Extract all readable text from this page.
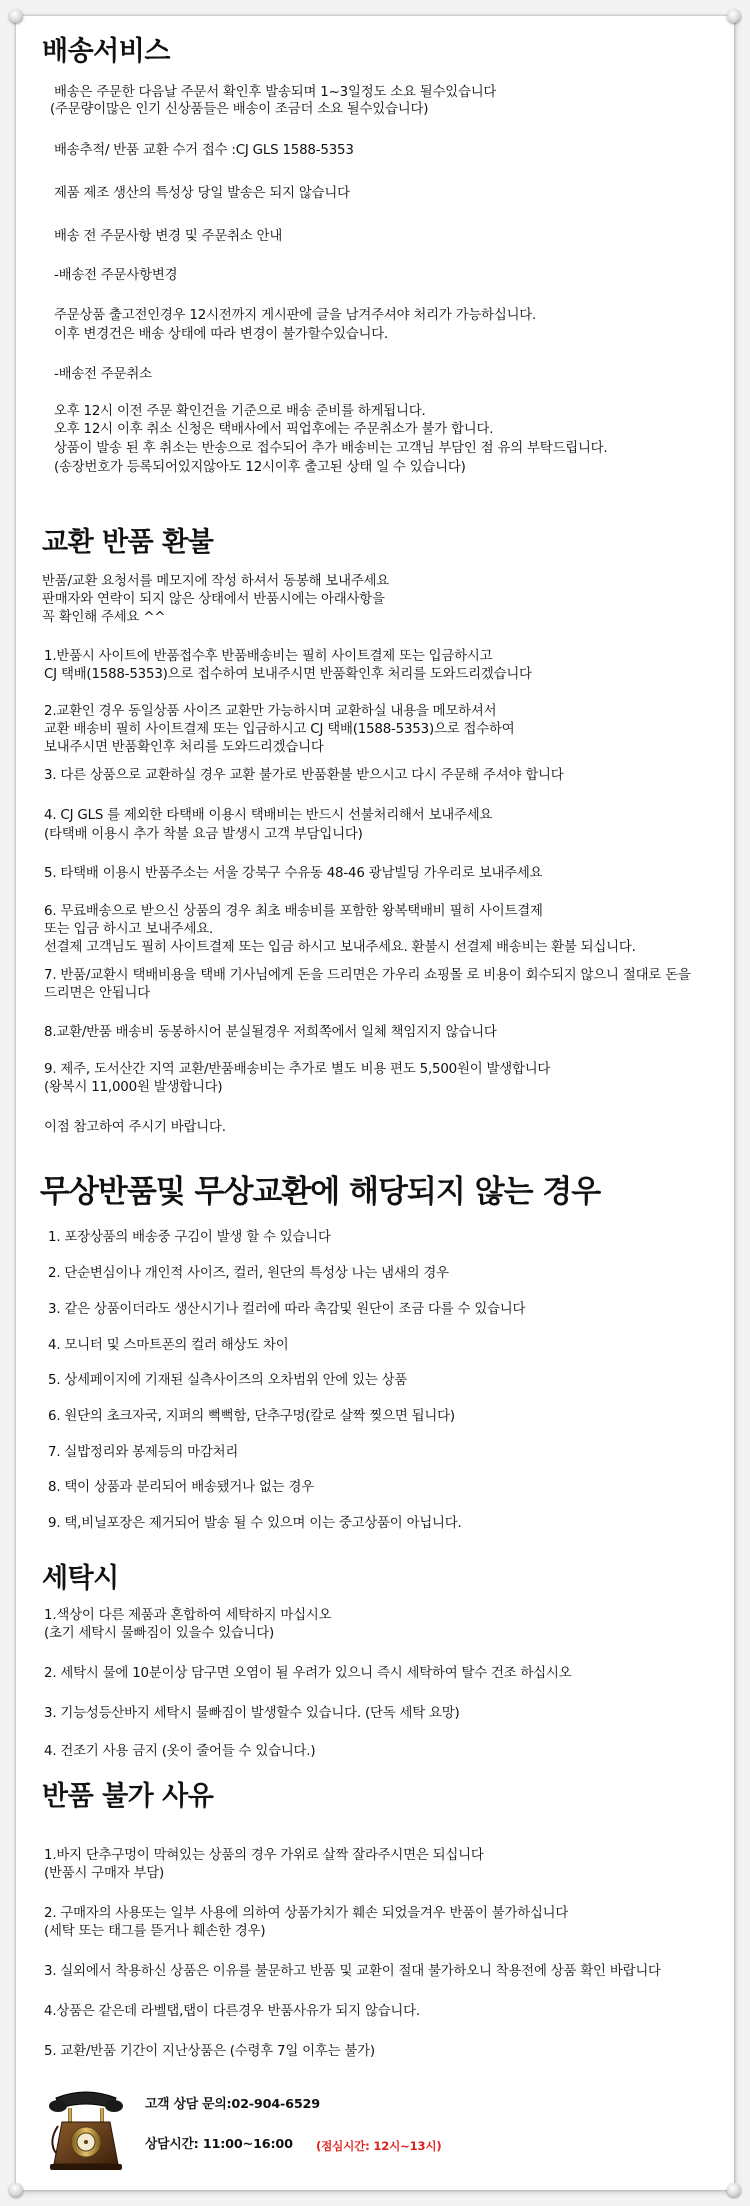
배송서비스
배송은 주문한 다음날 주문서 확인후 발송되며 1~3일정도 소요 될수있습니다
(주문량이많은 인기 신상품들은 배송이 조금더 소요 될수있습니다)
배송추적/ 반품 교환 수거 접수 :CJ GLS 1588-5353
제품 제조 생산의 특성상 당일 발송은 되지 않습니다
배송 전 주문사항 변경 및 주문취소 안내
-배송전 주문사항변경
주문상품 출고전인경우 12시전까지 게시판에 글을 남겨주셔야 처리가 가능하십니다.
이후 변경건은 배송 상태에 따라 변경이 불가할수있습니다.
-배송전 주문취소
오후 12시 이전 주문 확인건을 기준으로 배송 준비를 하게됩니다.
오후 12시 이후 취소 신청은 택배사에서 픽업후에는 주문취소가 불가 합니다.
상품이 발송 된 후 취소는 반송으로 접수되어 추가 배송비는 고객님 부담인 점 유의 부탁드립니다.
(송장번호가 등록되어있지않아도 12시이후 출고된 상태 일 수 있습니다)
교환 반품 환불
반품/교환 요청서를 메모지에 작성 하셔서 동봉해 보내주세요
판매자와 연락이 되지 않은 상태에서 반품시에는 아래사항을
꼭 확인해 주세요 ^^
1.반품시 사이트에 반품접수후 반품배송비는 필히 사이트결제 또는 입금하시고
CJ 택배(1588-5353)으로 접수하여 보내주시면 반품확인후 처리를 도와드리겠습니다
2.교환인 경우 동일상품 사이즈 교환만 가능하시며 교환하실 내용을 메모하셔서
교환 배송비 필히 사이트결제 또는 입금하시고 CJ 택배(1588-5353)으로 접수하여
보내주시면 반품확인후 처리를 도와드리겠습니다
3. 다른 상품으로 교환하실 경우 교환 불가로 반품환불 받으시고 다시 주문해 주셔야 합니다
4. CJ GLS 를 제외한 타택배 이용시 택배비는 반드시 선불처리해서 보내주세요
(타택배 이용시 추가 착불 요금 발생시 고객 부담입니다)
5. 타택배 이용시 반품주소는 서울 강북구 수유동 48-46 광남빌딩 가우리로 보내주세요
6. 무료배송으로 받으신 상품의 경우 최초 배송비를 포함한 왕복택배비 필히 사이트결제
또는 입금 하시고 보내주세요.
선결제 고객님도 필히 사이트결제 또는 입금 하시고 보내주세요. 환불시 선결제 배송비는 환불 되십니다.
7. 반품/교환시 택배비용을 택배 기사님에게 돈을 드리면은 가우리 쇼핑몰 로 비용이 회수되지 않으니 절대로 돈을
드리면은 안됩니다
8.교환/반품 배송비 동봉하시어 분실될경우 저희쪽에서 일체 책임지지 않습니다
9. 제주, 도서산간 지역 교환/반품배송비는 추가로 별도 비용 편도 5,500원이 발생합니다
(왕복시 11,000원 발생합니다)
이점 참고하여 주시기 바랍니다.
무상반품및 무상교환에 해당되지 않는 경우
1. 포장상품의 배송중 구김이 발생 할 수 있습니다
2. 단순변심이나 개인적 사이즈, 컬러, 원단의 특성상 나는 냄새의 경우
3. 같은 상품이더라도 생산시기나 컬러에 따라 촉감및 원단이 조금 다를 수 있습니다
4. 모니터 및 스마트폰의 컬러 해상도 차이
5. 상세페이지에 기재된 실측사이즈의 오차범위 안에 있는 상품
6. 원단의 초크자국, 지퍼의 뻑뻑함, 단추구멍(칼로 살짝 찢으면 됩니다)
7. 실밥정리와 봉제등의 마감처리
8. 택이 상품과 분리되어 배송됐거나 없는 경우
9. 택,비닐포장은 제거되어 발송 될 수 있으며 이는 중고상품이 아닙니다.
세탁시
1.색상이 다른 제품과 혼합하여 세탁하지 마십시오
(초기 세탁시 물빠짐이 있을수 있습니다)
2. 세탁시 물에 10분이상 담구면 오염이 될 우려가 있으니 즉시 세탁하여 탈수 건조 하십시오
3. 기능성등산바지 세탁시 물빠짐이 발생할수 있습니다. (단독 세탁 요망)
4. 건조기 사용 금지 (옷이 줄어들 수 있습니다.)
반품 불가 사유
1.바지 단추구멍이 막혀있는 상품의 경우 가위로 살짝 잘라주시면은 되십니다
(반품시 구매자 부담)
2. 구매자의 사용또는 일부 사용에 의하여 상품가치가 훼손 되었을겨우 반품이 불가하십니다
(세탁 또는 태그를 뜯거나 훼손한 경우)
3. 실외에서 착용하신 상품은 이유를 불문하고 반품 및 교환이 절대 불가하오니 착용전에 상품 확인 바랍니다
4.상품은 같은데 라벨탭,탭이 다른경우 반품사유가 되지 않습니다.
5. 교환/반품 기간이 지난상품은 (수령후 7일 이후는 불가)
고객 상담 문의:02-904-6529
상담시간: 11:00~16:00 (점심시간: 12시~13시)
